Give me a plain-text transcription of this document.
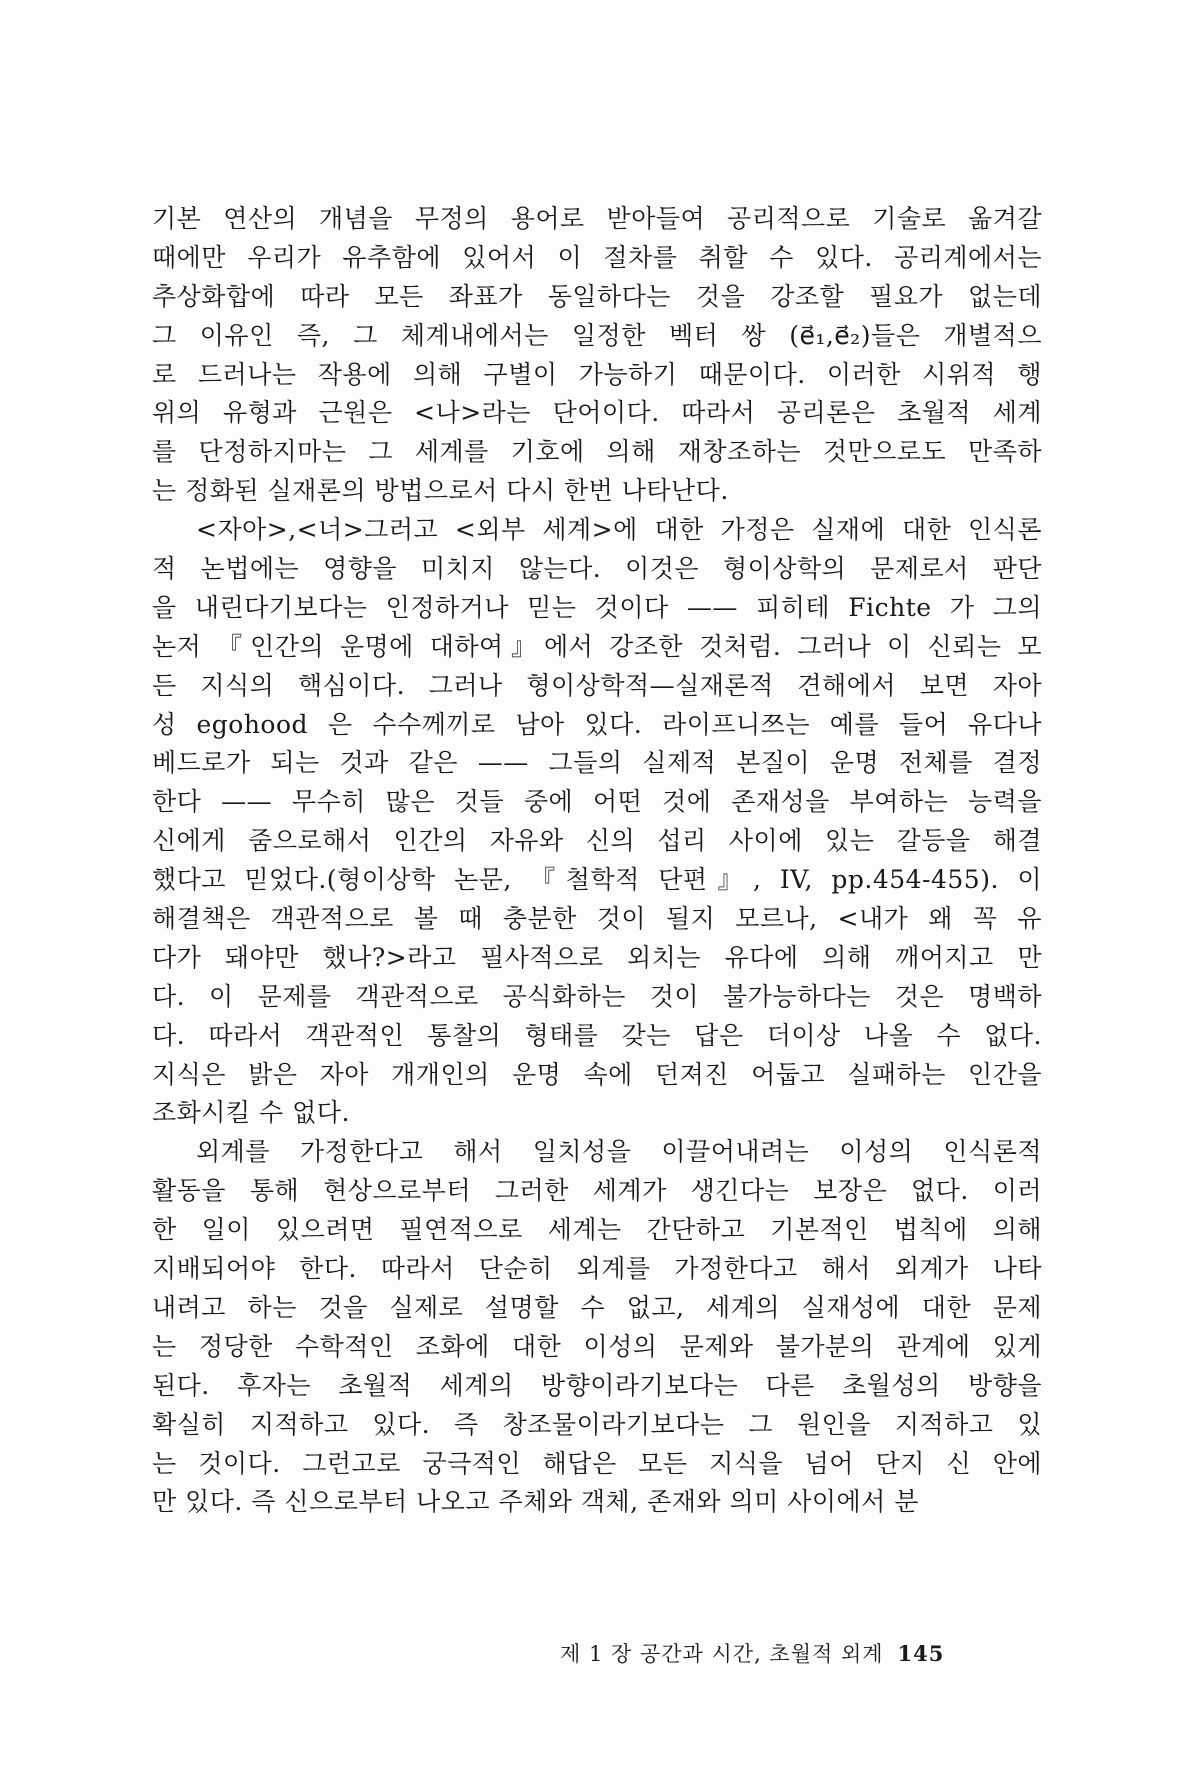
기본 연산의 개념을 무정의 용어로 받아들여 공리적으로 기술로 옮겨갈
때에만 우리가 유추함에 있어서 이 절차를 취할 수 있다. 공리계에서는
추상화합에 따라 모든 좌표가 동일하다는 것을 강조할 필요가 없는데
그 이유인 즉, 그 체계내에서는 일정한 벡터 쌍 (e⃗₁,e⃗₂)들은 개별적으
로 드러나는 작용에 의해 구별이 가능하기 때문이다. 이러한 시위적 행
위의 유형과 근원은 <나>라는 단어이다. 따라서 공리론은 초월적 세계
를 단정하지마는 그 세계를 기호에 의해 재창조하는 것만으로도 만족하
는 정화된 실재론의 방법으로서 다시 한번 나타난다.
<자아>,<너>그러고 <외부 세계>에 대한 가정은 실재에 대한 인식론
적 논법에는 영향을 미치지 않는다. 이것은 형이상학의 문제로서 판단
을 내린다기보다는 인정하거나 믿는 것이다 —— 피히테 Fichte 가 그의
논저 『인간의 운명에 대하여』에서 강조한 것처럼. 그러나 이 신뢰는 모
든 지식의 핵심이다. 그러나 형이상학적—실재론적 견해에서 보면 자아
성 egohood 은 수수께끼로 남아 있다. 라이프니쯔는 예를 들어 유다나
베드로가 되는 것과 같은 —— 그들의 실제적 본질이 운명 전체를 결정
한다 —— 무수히 많은 것들 중에 어떤 것에 존재성을 부여하는 능력을
신에게 줌으로해서 인간의 자유와 신의 섭리 사이에 있는 갈등을 해결
했다고 믿었다.(형이상학 논문, 『철학적 단편』, IV, pp.454-455). 이
해결책은 객관적으로 볼 때 충분한 것이 될지 모르나, <내가 왜 꼭 유
다가 돼야만 했나?>라고 필사적으로 외치는 유다에 의해 깨어지고 만
다. 이 문제를 객관적으로 공식화하는 것이 불가능하다는 것은 명백하
다. 따라서 객관적인 통찰의 형태를 갖는 답은 더이상 나올 수 없다.
지식은 밝은 자아 개개인의 운명 속에 던져진 어둡고 실패하는 인간을
조화시킬 수 없다.
외계를 가정한다고 해서 일치성을 이끌어내려는 이성의 인식론적
활동을 통해 현상으로부터 그러한 세계가 생긴다는 보장은 없다. 이러
한 일이 있으려면 필연적으로 세계는 간단하고 기본적인 법칙에 의해
지배되어야 한다. 따라서 단순히 외계를 가정한다고 해서 외계가 나타
내려고 하는 것을 실제로 설명할 수 없고, 세계의 실재성에 대한 문제
는 정당한 수학적인 조화에 대한 이성의 문제와 불가분의 관계에 있게
된다. 후자는 초월적 세계의 방향이라기보다는 다른 초월성의 방향을
확실히 지적하고 있다. 즉 창조물이라기보다는 그 원인을 지적하고 있
는 것이다. 그런고로 궁극적인 해답은 모든 지식을 넘어 단지 신 안에
만 있다. 즉 신으로부터 나오고 주체와 객체, 존재와 의미 사이에서 분
제 1 장 공간과 시간, 초월적 외계 145
